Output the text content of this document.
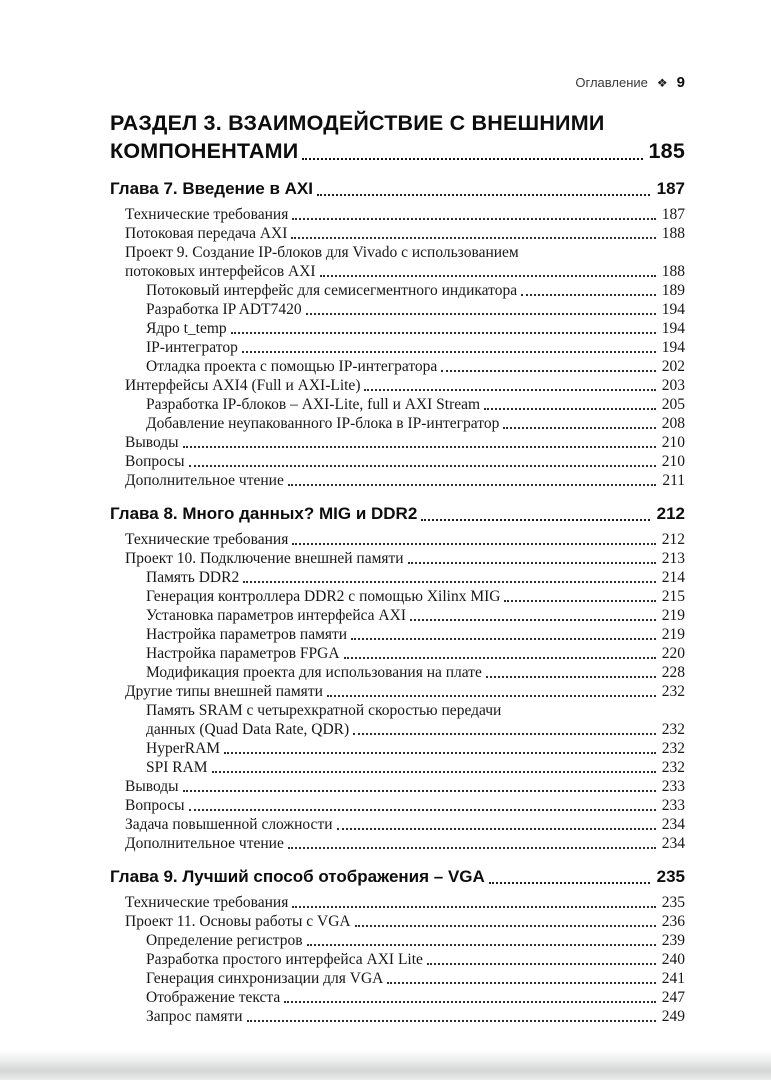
Оглавление ❖ 9
РАЗДЕЛ 3. ВЗАИМОДЕЙСТВИЕ С ВНЕШНИМИ
КОМПОНЕНТАМИ	185
Глава 7. Введение в AXI	187
Технические требования	187
Потоковая передача AXI	188
Проект 9. Создание IP-блоков для Vivado с использованием
потоковых интерфейсов AXI	188
Потоковый интерфейс для семисегментного индикатора	189
Разработка IP ADT7420	194
Ядро t_temp	194
IP-интегратор	194
Отладка проекта с помощью IP-интегратора	202
Интерфейсы AXI4 (Full и AXI-Lite)	203
Разработка IP-блоков – AXI-Lite, full и AXI Stream	205
Добавление неупакованного IP-блока в IP-интегратор	208
Выводы	210
Вопросы	210
Дополнительное чтение	211
Глава 8. Много данных? MIG и DDR2	212
Технические требования	212
Проект 10. Подключение внешней памяти	213
Память DDR2	214
Генерация контроллера DDR2 с помощью Xilinx MIG	215
Установка параметров интерфейса AXI	219
Настройка параметров памяти	219
Настройка параметров FPGA	220
Модификация проекта для использования на плате	228
Другие типы внешней памяти	232
Память SRAM с четырехкратной скоростью передачи
данных (Quad Data Rate, QDR)	232
HyperRAM	232
SPI RAM	232
Выводы	233
Вопросы	233
Задача повышенной сложности	234
Дополнительное чтение	234
Глава 9. Лучший способ отображения – VGA	235
Технические требования	235
Проект 11. Основы работы с VGA	236
Определение регистров	239
Разработка простого интерфейса AXI Lite	240
Генерация синхронизации для VGA	241
Отображение текста	247
Запрос памяти	249
